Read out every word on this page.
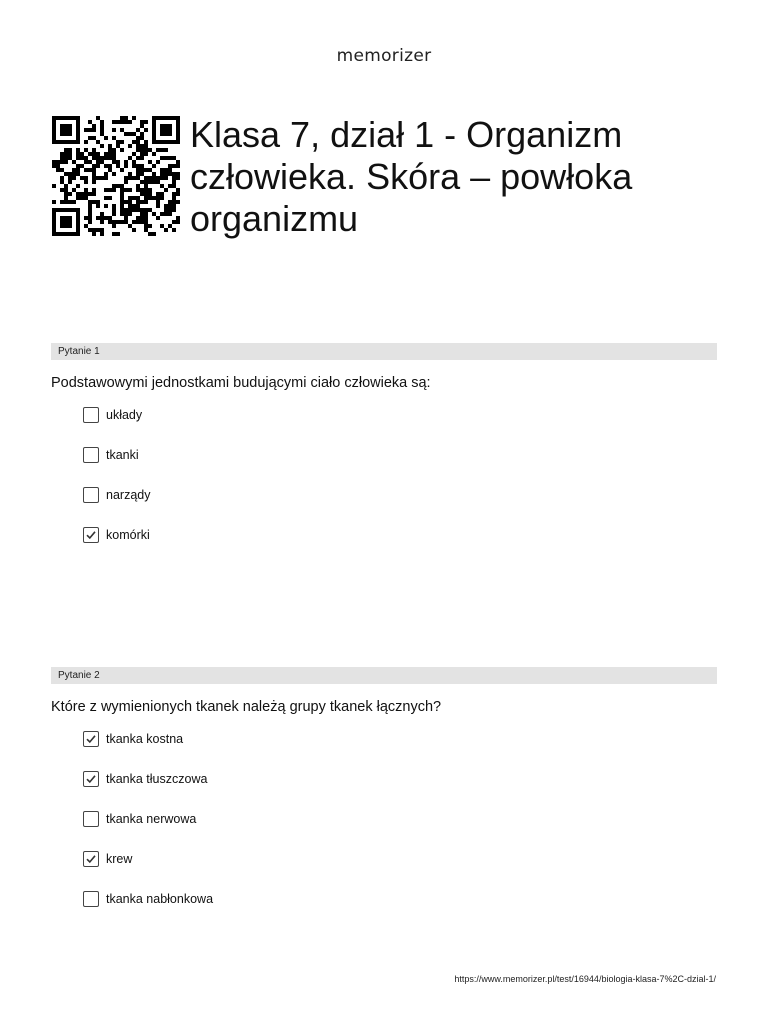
memorizer
Klasa 7, dział 1 - Organizm człowieka. Skóra – powłoka organizmu
Pytanie 1
Podstawowymi jednostkami budującymi ciało człowieka są:
układy
tkanki
narządy
komórki
Pytanie 2
Które z wymienionych tkanek należą grupy tkanek łącznych?
tkanka kostna
tkanka tłuszczowa
tkanka nerwowa
krew
tkanka nabłonkowa
https://www.memorizer.pl/test/16944/biologia-klasa-7%2C-dzial-1/
